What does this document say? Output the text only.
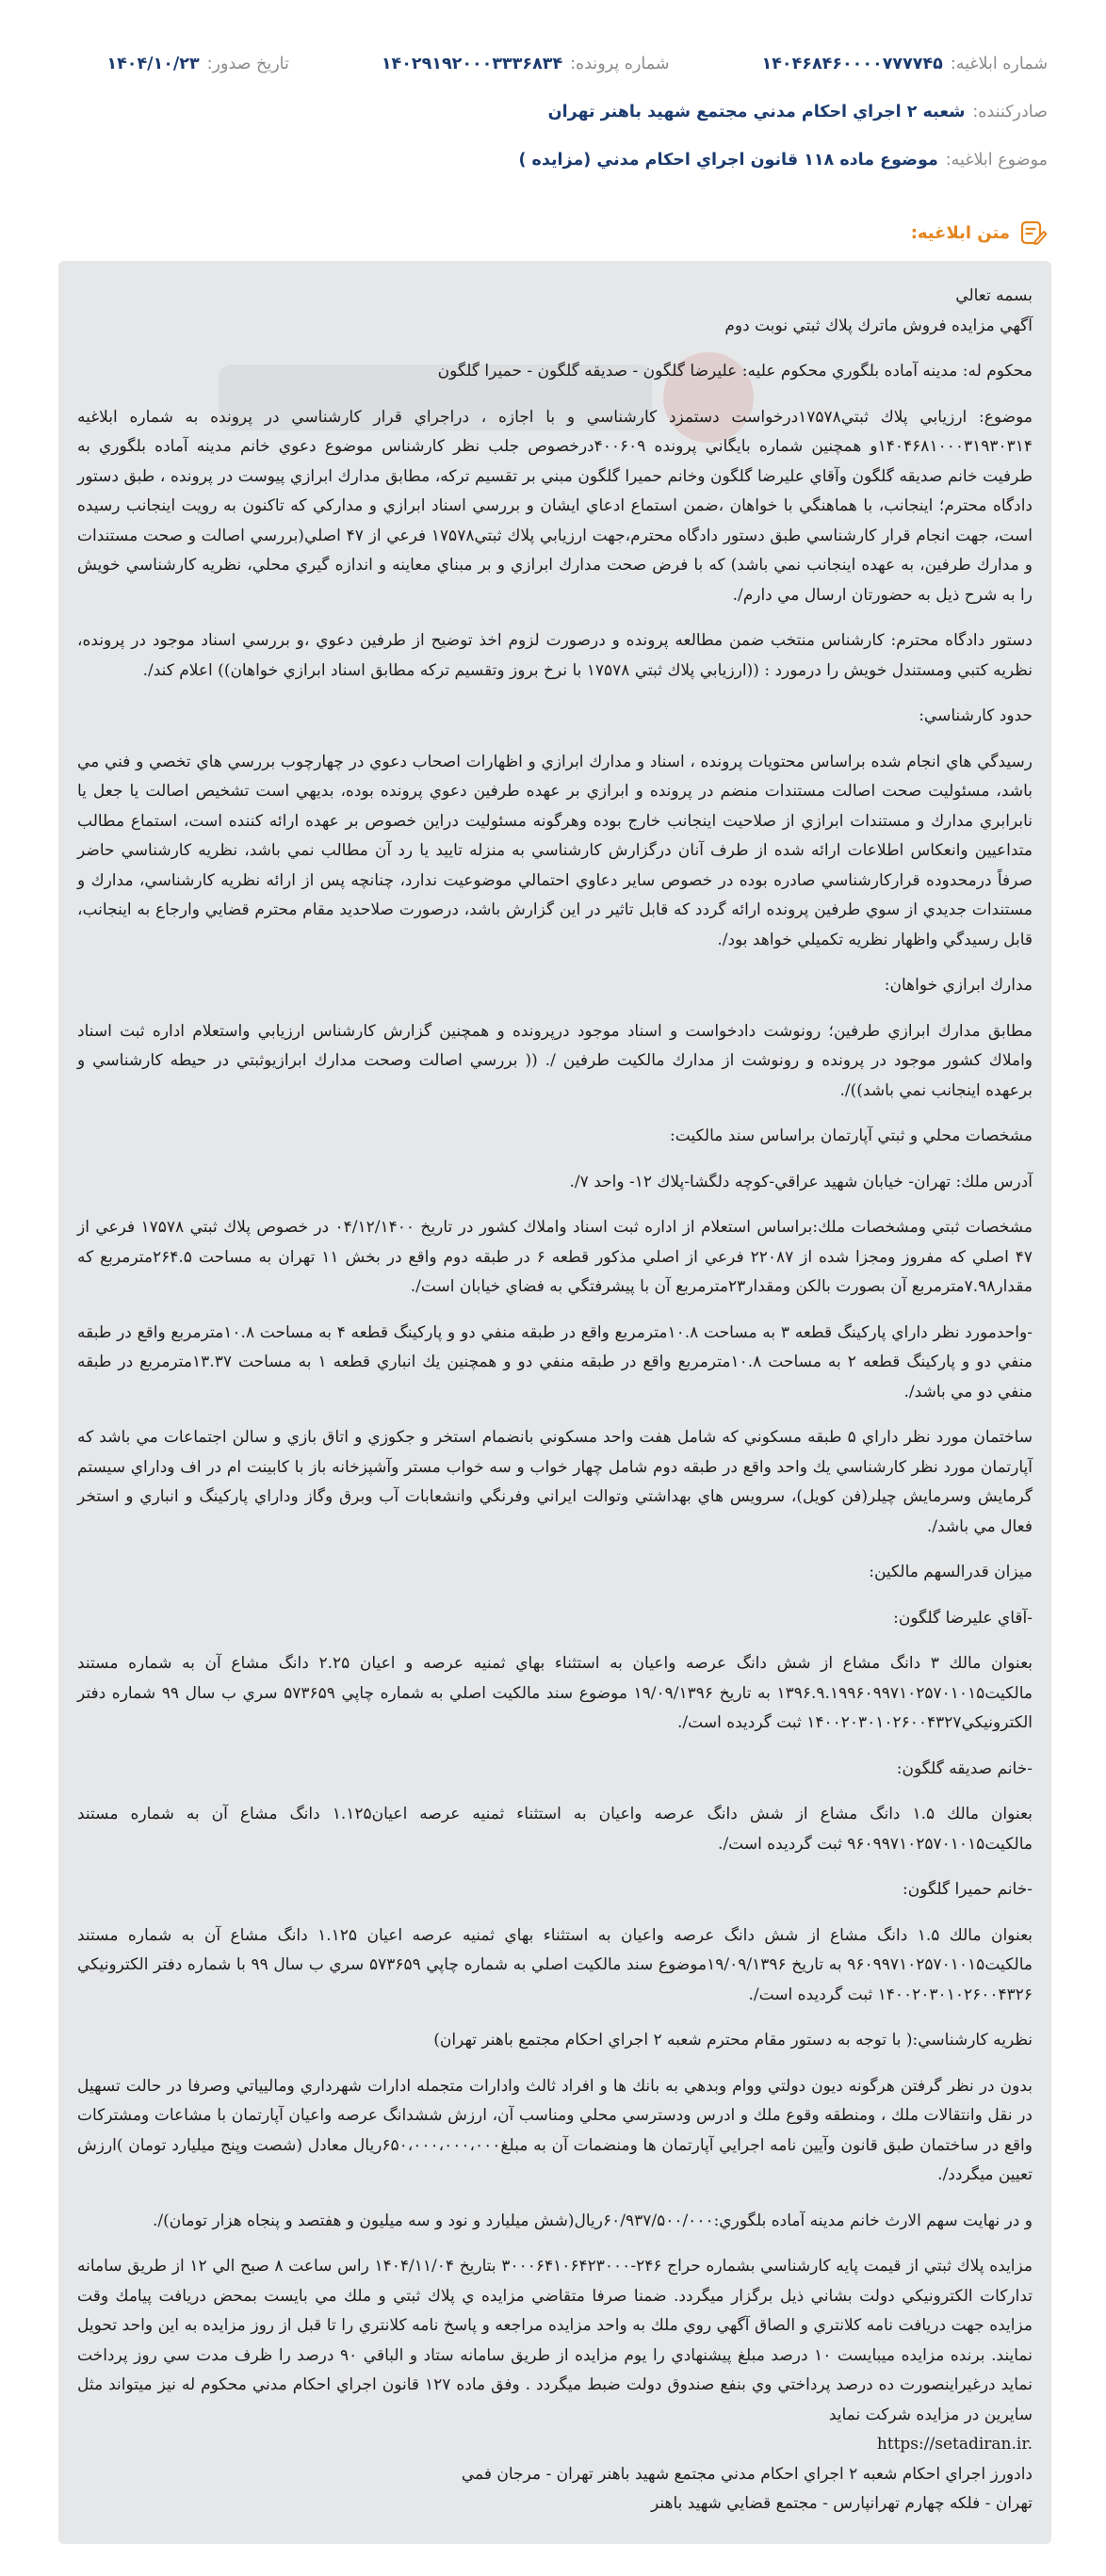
شماره ابلاغيه:
۱۴۰۴۶۸۴۶۰۰۰۰۷۷۷۷۴۵
شماره پرونده:
۱۴۰۲۹۱۹۲۰۰۰۳۳۳۶۸۳۴
تاريخ صدور:
۱۴۰۴/۱۰/۲۳
صادركننده:
شعبه ۲ اجراي احكام مدني مجتمع شهيد باهنر تهران
موضوع ابلاغيه:
موضوع ماده ۱۱۸ قانون اجراي احكام مدني (مزايده )
متن ابلاغيه:

بسمه تعالي
آگهي مزايده فروش ماترك پلاك ثبتي نوبت دوم

محكوم له: مدينه آماده بلگوري محكوم عليه: عليرضا گلگون - صديقه گلگون - حميرا گلگون

موضوع: ارزيابي پلاك ثبتي۱۷۵۷۸درخواست دستمزد كارشناسي و با اجازه ، دراجراي قرار كارشناسي در پرونده به شماره ابلاغيه ۱۴۰۴۶۸۱۰۰۰۳۱۹۳۰۳۱۴و همچنين شماره بايگاني پرونده ۴۰۰۶۰۹درخصوص جلب نظر كارشناس موضوع دعوي خانم مدينه آماده بلگوري به طرفيت خانم صديقه گلگون وآقاي عليرضا گلگون وخانم حميرا گلگون مبني بر تقسيم تركه، مطابق مدارك ابرازي پيوست در پرونده ، طبق دستور دادگاه محترم؛ اينجانب، با هماهنگي با خواهان ،ضمن استماع ادعاي ايشان و بررسي اسناد ابرازي و مداركي كه تاكنون به رويت اينجانب رسيده است، جهت انجام قرار كارشناسي طبق دستور دادگاه محترم،جهت ارزيابي پلاك ثبتي۱۷۵۷۸ فرعي از ۴۷ اصلي(بررسي اصالت و صحت مستندات و مدارك طرفين، به عهده اينجانب نمي باشد) كه با فرض صحت مدارك ابرازي و بر مبناي معاينه و اندازه گيري محلي، نظريه كارشناسي خويش را به شرح ذيل به حضورتان ارسال مي دارم/.

دستور دادگاه محترم: كارشناس منتخب ضمن مطالعه پرونده و درصورت لزوم اخذ توضيح از طرفين دعوي ،و بررسي اسناد موجود در پرونده، نظريه كتبي ومستندل خويش را درمورد : ((ارزيابي پلاك ثبتي ۱۷۵۷۸ با نرخ بروز وتقسيم تركه مطابق اسناد ابرازي خواهان)) اعلام كند/.

حدود كارشناسي:

رسيدگي هاي انجام شده براساس محتويات پرونده ، اسناد و مدارك ابرازي و اظهارات اصحاب دعوي در چهارچوب بررسي هاي تخصي و فني مي باشد، مسئوليت صحت اصالت مستندات منضم در پرونده و ابرازي بر عهده طرفين دعوي پرونده بوده، بديهي است تشخيص اصالت يا جعل يا نابرابري مدارك و مستندات ابرازي از صلاحيت اينجانب خارج بوده وهرگونه مسئوليت دراين خصوص بر عهده ارائه كننده است، استماع مطالب متداعيين وانعكاس اطلاعات ارائه شده از طرف آنان درگزارش كارشناسي به منزله تاييد يا رد آن مطالب نمي باشد، نظريه كارشناسي حاضر صرفاً درمحدوده قراركارشناسي صادره بوده در خصوص ساير دعاوي احتمالي موضوعيت ندارد، چنانچه پس از ارائه نظريه كارشناسي، مدارك و مستندات جديدي از سوي طرفين پرونده ارائه گردد كه قابل تاثير در اين گزارش باشد، درصورت صلاحديد مقام محترم قضايي وارجاع به اينجانب، قابل رسيدگي واظهار نظريه تكميلي خواهد بود/.

مدارك ابرازي خواهان:

مطابق مدارك ابرازي طرفين؛ رونوشت دادخواست و اسناد موجود درپرونده و همچنين گزارش كارشناس ارزيابي واستعلام اداره ثبت اسناد واملاك كشور موجود در پرونده و رونوشت از مدارك مالكيت طرفين /. (( بررسي اصالت وصحت مدارك ابرازيوثبتي در حيطه كارشناسي و برعهده اينجانب نمي باشد))/.

مشخصات محلي و ثبتي آپارتمان براساس سند مالكيت:

آدرس ملك: تهران- خيابان شهيد عراقي-كوچه دلگشا-پلاك ۱۲- واحد ۷/.

مشخصات ثبتي ومشخصات ملك:براساس استعلام از اداره ثبت اسناد واملاك كشور در تاريخ ۰۴/۱۲/۱۴۰۰ در خصوص پلاك ثبتي ۱۷۵۷۸ فرعي از ۴۷ اصلي كه مفروز ومجزا شده از ۲۲۰۸۷ فرعي از اصلي مذكور قطعه ۶ در طبقه دوم واقع در بخش ۱۱ تهران به مساحت ۲۶۴.۵مترمربع كه مقدار۷.۹۸مترمربع آن بصورت بالكن ومقدار۲۳مترمربع آن با پيشرفتگي به فضاي خيابان است/.

-واحدمورد نظر داراي پاركينگ قطعه ۳ به مساحت ۱۰.۸مترمربع واقع در طبقه منفي دو و پاركينگ قطعه ۴ به مساحت ۱۰.۸مترمربع واقع در طبقه منفي دو و پاركينگ قطعه ۲ به مساحت ۱۰.۸مترمربع واقع در طبقه منفي دو و همچنين يك انباري قطعه ۱ به مساحت ۱۳.۳۷مترمربع در طبقه منفي دو مي باشد/.

ساختمان مورد نظر داراي ۵ طبقه مسكوني كه شامل هفت واحد مسكوني بانضمام استخر و جكوزي و اتاق بازي و سالن اجتماعات مي باشد كه آپارتمان مورد نظر كارشناسي يك واحد واقع در طبقه دوم شامل چهار خواب و سه خواب مستر وآشپزخانه باز با كابينت ام در اف وداراي سيستم گرمايش وسرمايش چيلر(فن كويل)، سرويس هاي بهداشتي وتوالت ايراني وفرنگي وانشعابات آب وبرق وگاز وداراي پاركينگ و انباري و استخر فعال مي باشد/.

ميزان قدرالسهم مالكين:

-آقاي عليرضا گلگون:

بعنوان مالك ۳ دانگ مشاع از شش دانگ عرصه واعيان به استثناء بهاي ثمنيه عرصه و اعيان ۲.۲۵ دانگ مشاع آن به شماره مستند مالكيت۱۳۹۶.۹.۱۹۹۶۰۹۹۷۱۰۲۵۷۰۱۰۱۵ به تاريخ ۱۹/۰۹/۱۳۹۶ موضوع سند مالكيت اصلي به شماره چاپي ۵۷۳۶۵۹ سري ب سال ۹۹ شماره دفتر الكترونيكي۱۴۰۰۲۰۳۰۱۰۲۶۰۰۴۳۲۷ ثبت گرديده است/.

-خانم صديقه گلگون:

بعنوان مالك ۱.۵ دانگ مشاع از شش دانگ عرصه واعيان به استثناء ثمنيه عرصه اعيان۱.۱۲۵ دانگ مشاع آن به شماره مستند مالكيت۹۶۰۹۹۷۱۰۲۵۷۰۱۰۱۵ ثبت گرديده است/.

-خانم حميرا گلگون:

بعنوان مالك ۱.۵ دانگ مشاع از شش دانگ عرصه واعيان به استثناء بهاي ثمنيه عرصه اعيان ۱.۱۲۵ دانگ مشاع آن به شماره مستند مالكيت۹۶۰۹۹۷۱۰۲۵۷۰۱۰۱۵ به تاريخ ۱۹/۰۹/۱۳۹۶موضوع سند مالكيت اصلي به شماره چاپي ۵۷۳۶۵۹ سري ب سال ۹۹ با شماره دفتر الكترونيكي ۱۴۰۰۲۰۳۰۱۰۲۶۰۰۴۳۲۶ ثبت گرديده است/.

نظريه كارشناسي:( با توجه به دستور مقام محترم شعبه ۲ اجراي احكام مجتمع باهنر تهران)

بدون در نظر گرفتن هرگونه ديون دولتي ووام وبدهي به بانك ها و افراد ثالث وادارات متجمله ادارات شهرداري وماليياتي وصرفا در حالت تسهيل در نقل وانتقالات ملك ، ومنطقه وقوع ملك و ادرس ودسترسي محلي ومناسب آن، ارزش ششدانگ عرصه واعيان آپارتمان با مشاعات ومشتركات واقع در ساختمان طبق قانون وآيين نامه اجرايي آپارتمان ها ومنضمات آن به مبلغ۶۵۰،۰۰۰،۰۰۰،۰۰۰ريال معادل (شصت وپنج ميليارد تومان )ارزش تعيين ميگردد/.

و در نهايت سهم الارث خانم مدينه آماده بلگوري:۶۰/۹۳۷/۵۰۰/۰۰۰ريال(شش ميليارد و نود و سه ميليون و هفتصد و پنجاه هزار تومان)/.

مزايده پلاك ثبتي از قيمت پايه كارشناسي بشماره حراج ۲۴۶-۳۰۰۰۶۴۱۰۶۴۲۳۰۰۰ بتاريخ ۱۴۰۴/۱۱/۰۴ راس ساعت ۸ صبح الي ۱۲ از طريق سامانه تداركات الكترونيكي دولت بشاني ذيل برگزار ميگردد. ضمنا صرفا متقاضي مزايده ي پلاك ثبتي و ملك مي بايست بمحض دريافت پيامك وقت مزايده جهت دريافت نامه كلانتري و الصاق آگهي روي ملك به واحد مزايده مراجعه و پاسخ نامه كلانتري را تا قبل از روز مزايده به اين واحد تحويل نمايند. برنده مزايده ميبايست ۱۰ درصد مبلغ پيشنهادي را يوم مزايده از طريق سامانه ستاد و الباقي ۹۰ درصد را ظرف مدت سي روز پرداخت نمايد درغيراينصورت ده درصد پرداختي وي بنفع صندوق دولت ضبط ميگردد . وفق ماده ۱۲۷ قانون اجراي احكام مدني محكوم له نيز ميتواند مثل سايرين در مزايده شركت نمايد

https://setadiran.ir.

دادورز اجراي احكام شعبه ۲ اجراي احكام مدني مجتمع شهيد باهنر تهران - مرجان فمي
تهران - فلكه چهارم تهرانپارس - مجتمع قضايي شهيد باهنر
